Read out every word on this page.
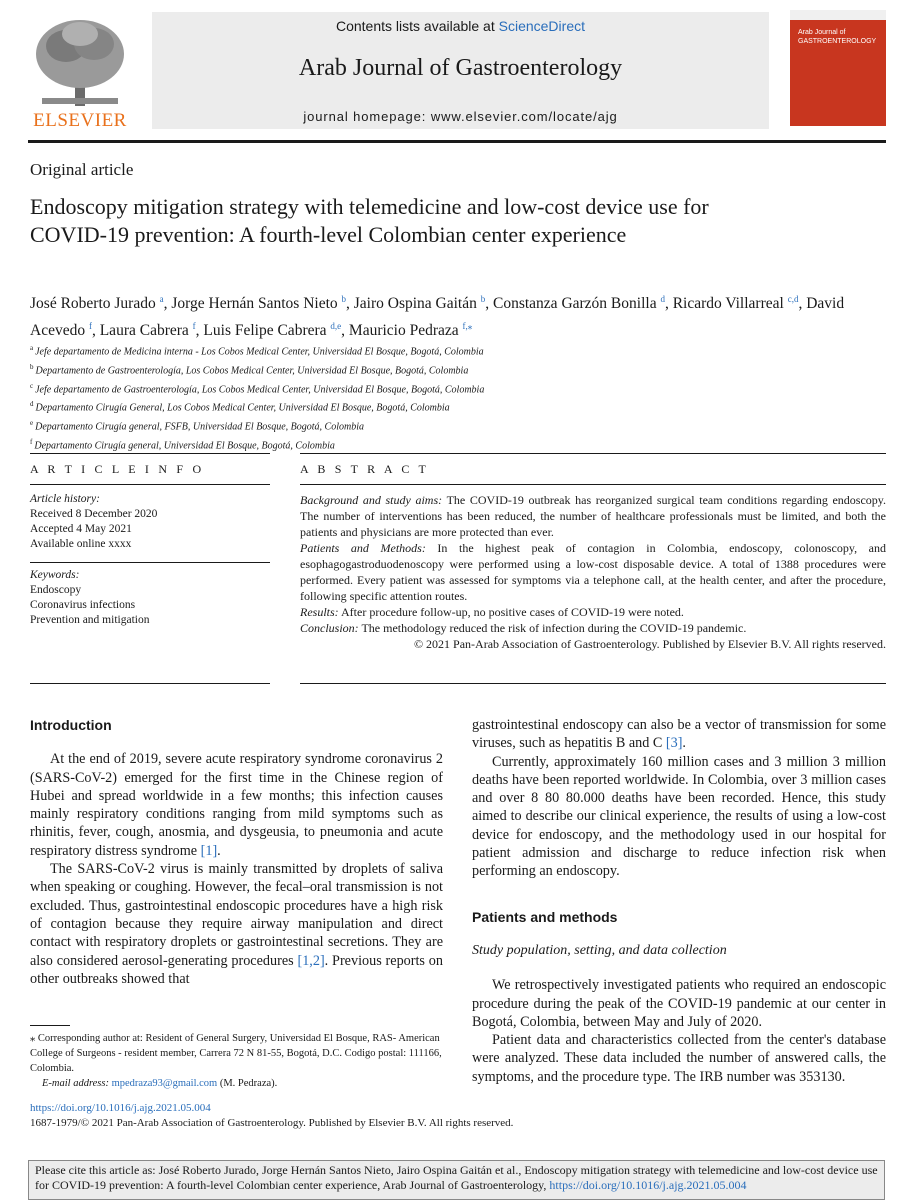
ELSEVIER
Contents lists available at ScienceDirect
Arab Journal of Gastroenterology
journal homepage: www.elsevier.com/locate/ajg
Arab Journal of GASTROENTEROLOGY
Original article
Endoscopy mitigation strategy with telemedicine and low-cost device use for COVID-19 prevention: A fourth-level Colombian center experience
José Roberto Jurado $^a$, Jorge Hernán Santos Nieto $^b$, Jairo Ospina Gaitán $^b$, Constanza Garzón Bonilla $^d$, Ricardo Villarreal $^{c,d}$, David Acevedo $^f$, Laura Cabrera $^f$, Luis Felipe Cabrera $^{d,e}$, Mauricio Pedraza $^{f,⁎}$
$^a$ Jefe departamento de Medicina interna - Los Cobos Medical Center, Universidad El Bosque, Bogotá, Colombia
$^b$ Departamento de Gastroenterología, Los Cobos Medical Center, Universidad El Bosque, Bogotá, Colombia
$^c$ Jefe departamento de Gastroenterología, Los Cobos Medical Center, Universidad El Bosque, Bogotá, Colombia
$^d$ Departamento Cirugía General, Los Cobos Medical Center, Universidad El Bosque, Bogotá, Colombia
$^e$ Departamento Cirugía general, FSFB, Universidad El Bosque, Bogotá, Colombia
$^f$ Departamento Cirugía general, Universidad El Bosque, Bogotá, Colombia
A R T I C L E I N F O	A B S T R A C T
Article history:
Received 8 December 2020
Accepted 4 May 2021
Available online xxxx
Keywords:
Endoscopy
Coronavirus infections
Prevention and mitigation
Background and study aims: The COVID-19 outbreak has reorganized surgical team conditions regarding endoscopy. The number of interventions has been reduced, the number of healthcare professionals must be limited, and both the patients and physicians are more protected than ever.
Patients and Methods: In the highest peak of contagion in Colombia, endoscopy, colonoscopy, and esophagogastroduodenoscopy were performed using a low-cost disposable device. A total of 1388 procedures were performed. Every patient was assessed for symptoms via a telephone call, at the health center, and after the procedure, following specific attention routes.
Results: After procedure follow-up, no positive cases of COVID-19 were noted.
Conclusion: The methodology reduced the risk of infection during the COVID-19 pandemic.
© 2021 Pan-Arab Association of Gastroenterology. Published by Elsevier B.V. All rights reserved.
Introduction

At the end of 2019, severe acute respiratory syndrome coronavirus 2 (SARS-CoV-2) emerged for the first time in the Chinese region of Hubei and spread worldwide in a few months; this infection causes mainly respiratory conditions ranging from mild symptoms such as rhinitis, fever, cough, anosmia, and dysgeusia, to pneumonia and acute respiratory distress syndrome [1].

The SARS-CoV-2 virus is mainly transmitted by droplets of saliva when speaking or coughing. However, the fecal–oral transmission is not excluded. Thus, gastrointestinal endoscopic procedures have a high risk of contagion because they require airway manipulation and direct contact with respiratory droplets or gastrointestinal secretions. They are also considered aerosol-generating procedures [1,2]. Previous reports on other outbreaks showed that

⁎ Corresponding author at: Resident of General Surgery, Universidad El Bosque, RAS- American College of Surgeons - resident member, Carrera 72 N 81-55, Bogotá, D.C. Codigo postal: 111166, Colombia.
E-mail address: mpedraza93@gmail.com (M. Pedraza).

gastrointestinal endoscopy can also be a vector of transmission for some viruses, such as hepatitis B and C [3].

Currently, approximately 160 million cases and 3 million 3 million deaths have been reported worldwide. In Colombia, over 3 million cases and over 8 80 80.000 deaths have been recorded. Hence, this study aimed to describe our clinical experience, the results of using a low-cost device for endoscopy, and the methodology used in our hospital for patient admission and discharge to reduce infection risk when performing an endoscopy.

Patients and methods
Study population, setting, and data collection

We retrospectively investigated patients who required an endoscopic procedure during the peak of the COVID-19 pandemic at our center in Bogotá, Colombia, between May and July of 2020.

Patient data and characteristics collected from the center's database were analyzed. These data included the number of answered calls, the symptoms, and the procedure type. The IRB number was 353130.

https://doi.org/10.1016/j.ajg.2021.05.004
1687-1979/© 2021 Pan-Arab Association of Gastroenterology. Published by Elsevier B.V. All rights reserved.
Please cite this article as: José Roberto Jurado, Jorge Hernán Santos Nieto, Jairo Ospina Gaitán et al., Endoscopy mitigation strategy with telemedicine and low-cost device use for COVID-19 prevention: A fourth-level Colombian center experience, Arab Journal of Gastroenterology, https://doi.org/10.1016/j.ajg.2021.05.004
